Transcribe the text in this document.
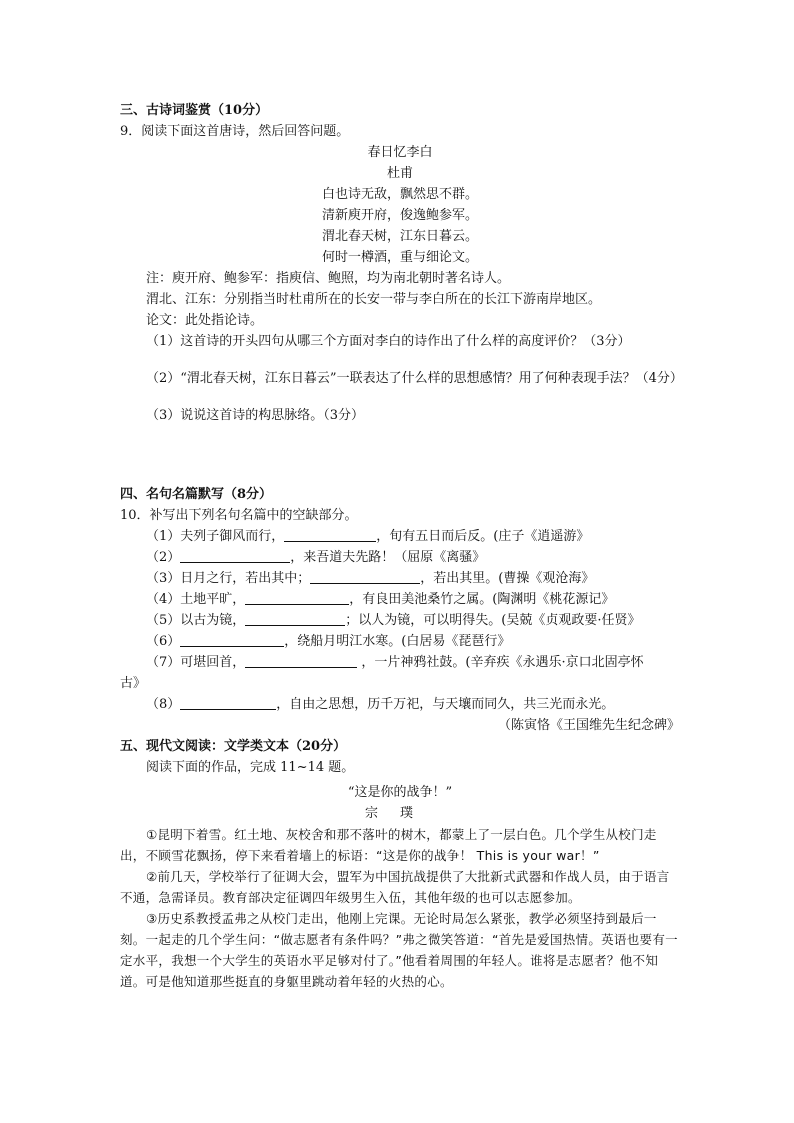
三、古诗词鉴赏（10分）
9．阅读下面这首唐诗，然后回答问题。
春日忆李白
杜甫
白也诗无敌，飘然思不群。
清新庾开府，俊逸鲍参军。
渭北春天树，江东日暮云。
何时一樽酒，重与细论文。
注：庾开府、鲍参军：指庾信、鲍照，均为南北朝时著名诗人。
渭北、江东：分别指当时杜甫所在的长安一带与李白所在的长江下游南岸地区。
论文：此处指论诗。
（1）这首诗的开头四句从哪三个方面对李白的诗作出了什么样的高度评价？（3分）
（2）“渭北春天树，江东日暮云”一联表达了什么样的思想感情？用了何种表现手法？（4分）
（3）说说这首诗的构思脉络。（3分）
四、名句名篇默写（8分）
10．补写出下列名句名篇中的空缺部分。
（1）夫列子御风而行，	，旬有五日而后反。(庄子《逍遥游》
（2）	，来吾道夫先路！（屈原《离骚》
（3）日月之行，若出其中；	，若出其里。(曹操《观沧海》
（4）土地平旷，	，有良田美池桑竹之属。(陶渊明《桃花源记》
（5）以古为镜，	；以人为镜，可以明得失。(吴兢《贞观政要·任贤》
（6）	，绕船月明江水寒。(白居易《琵琶行》
（7）可堪回首，	，一片神鸦社鼓。(辛弃疾《永遇乐·京口北固亭怀
古》
（8）	，自由之思想，历千万祀，与天壤而同久，共三光而永光。
（陈寅恪《王国维先生纪念碑》
五、现代文阅读：文学类文本（20分）
阅读下面的作品，完成 11~14 题。
“这是你的战争！”
宗璞
①昆明下着雪。红土地、灰校舍和那不落叶的树木，都蒙上了一层白色。几个学生从校门走出，不顾雪花飘扬，停下来看着墙上的标语：“这是你的战争！ This is your war！”
②前几天，学校举行了征调大会，盟军为中国抗战提供了大批新式武器和作战人员，由于语言不通，急需译员。教育部决定征调四年级男生入伍，其他年级的也可以志愿参加。
③历史系教授孟弗之从校门走出，他刚上完课。无论时局怎么紧张，教学必须坚持到最后一刻。一起走的几个学生问：“做志愿者有条件吗？”弗之微笑答道：“首先是爱国热情。英语也要有一定水平，我想一个大学生的英语水平足够对付了。”他看着周围的年轻人。谁将是志愿者？他不知道。可是他知道那些挺直的身躯里跳动着年轻的火热的心。
